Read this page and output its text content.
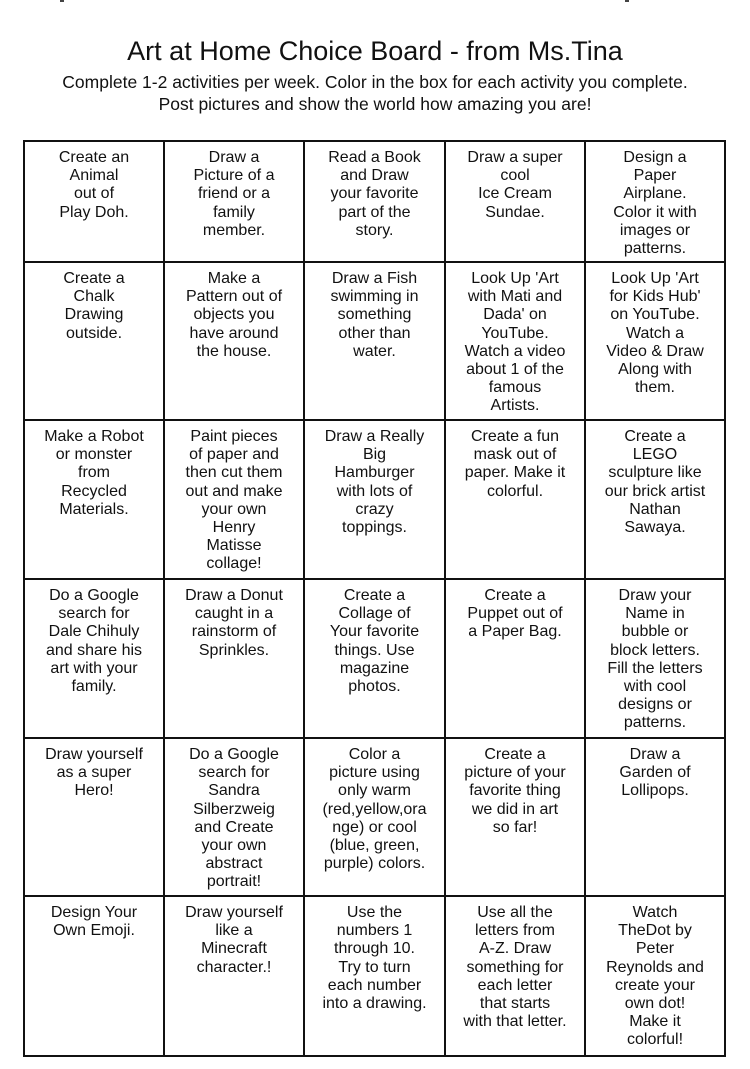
Art at Home Choice Board - from Ms.Tina
Complete 1-2 activities per week. Color in the box for each activity you complete.
Post pictures and show the world how amazing you are!
Create an
Animal
out of
Play Doh.
Draw a
Picture of a
friend or a
family
member.
Read a Book
and Draw
your favorite
part of the
story.
Draw a super
cool
Ice Cream
Sundae.
Design a
Paper
Airplane.
Color it with
images or
patterns.
Create a
Chalk
Drawing
outside.
Make a
Pattern out of
objects you
have around
the house.
Draw a Fish
swimming in
something
other than
water.
Look Up 'Art
with Mati and
Dada' on
YouTube.
Watch a video
about 1 of the
famous
Artists.
Look Up 'Art
for Kids Hub'
on YouTube.
Watch a
Video & Draw
Along with
them.
Make a Robot
or monster
from
Recycled
Materials.
Paint pieces
of paper and
then cut them
out and make
your own
Henry
Matisse
collage!
Draw a Really
Big
Hamburger
with lots of
crazy
toppings.
Create a fun
mask out of
paper. Make it
colorful.
Create a
LEGO
sculpture like
our brick artist
Nathan
Sawaya.
Do a Google
search for
Dale Chihuly
and share his
art with your
family.
Draw a Donut
caught in a
rainstorm of
Sprinkles.
Create a
Collage of
Your favorite
things. Use
magazine
photos.
Create a
Puppet out of
a Paper Bag.
Draw your
Name in
bubble or
block letters.
Fill the letters
with cool
designs or
patterns.
Draw yourself
as a super
Hero!
Do a Google
search for
Sandra
Silberzweig
and Create
your own
abstract
portrait!
Color a
picture using
only warm
(red,yellow,ora
nge) or cool
(blue, green,
purple) colors.
Create a
picture of your
favorite thing
we did in art
so far!
Draw a
Garden of
Lollipops.
Design Your
Own Emoji.
Draw yourself
like a
Minecraft
character.!
Use the
numbers 1
through 10.
Try to turn
each number
into a drawing.
Use all the
letters from
A-Z. Draw
something for
each letter
that starts
with that letter.
Watch
TheDot by
Peter
Reynolds and
create your
own dot!
Make it
colorful!
